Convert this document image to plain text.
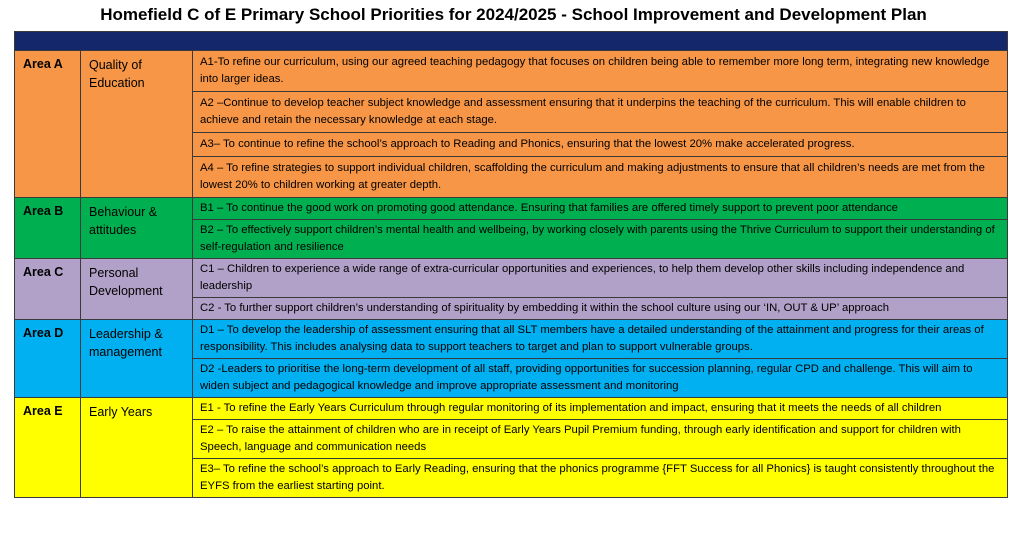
Homefield C of E Primary School Priorities for 2024/2025 - School Improvement and Development Plan

Area A	Quality of Education	A1-To refine our curriculum, using our agreed teaching pedagogy that focuses on children being able to remember more long term, integrating new knowledge into larger ideas.
		A2 –Continue to develop teacher subject knowledge and assessment ensuring that it underpins the teaching of the curriculum. This will enable children to achieve and retain the necessary knowledge at each stage.
		A3– To continue to refine the school’s approach to Reading and Phonics, ensuring that the lowest 20% make accelerated progress.
		A4 – To refine strategies to support individual children, scaffolding the curriculum and making adjustments to ensure that all children’s needs are met from the lowest 20% to children working at greater depth.
Area B	Behaviour & attitudes	B1 – To continue the good work on promoting good attendance. Ensuring that families are offered timely support to prevent poor attendance
		B2 – To effectively support children’s mental health and wellbeing, by working closely with parents using the Thrive Curriculum to support their understanding of self-regulation and resilience
Area C	Personal Development	C1 – Children to experience a wide range of extra-curricular opportunities and experiences, to help them develop other skills including independence and leadership
		C2 - To further support children’s understanding of spirituality by embedding it within the school culture using our ‘IN, OUT & UP’ approach
Area D	Leadership & management	D1 – To develop the leadership of assessment ensuring that all SLT members have a detailed understanding of the attainment and progress for their areas of responsibility. This includes analysing data to support teachers to target and plan to support vulnerable groups.
		D2 -Leaders to prioritise the long-term development of all staff, providing opportunities for succession planning, regular CPD and challenge. This will aim to widen subject and pedagogical knowledge and improve appropriate assessment and monitoring
Area E	Early Years	E1 - To refine the Early Years Curriculum through regular monitoring of its implementation and impact, ensuring that it meets the needs of all children
		E2 – To raise the attainment of children who are in receipt of Early Years Pupil Premium funding, through early identification and support for children with Speech, language and communication needs
		E3– To refine the school’s approach to Early Reading, ensuring that the phonics programme {FFT Success for all Phonics} is taught consistently throughout the EYFS from the earliest starting point.
